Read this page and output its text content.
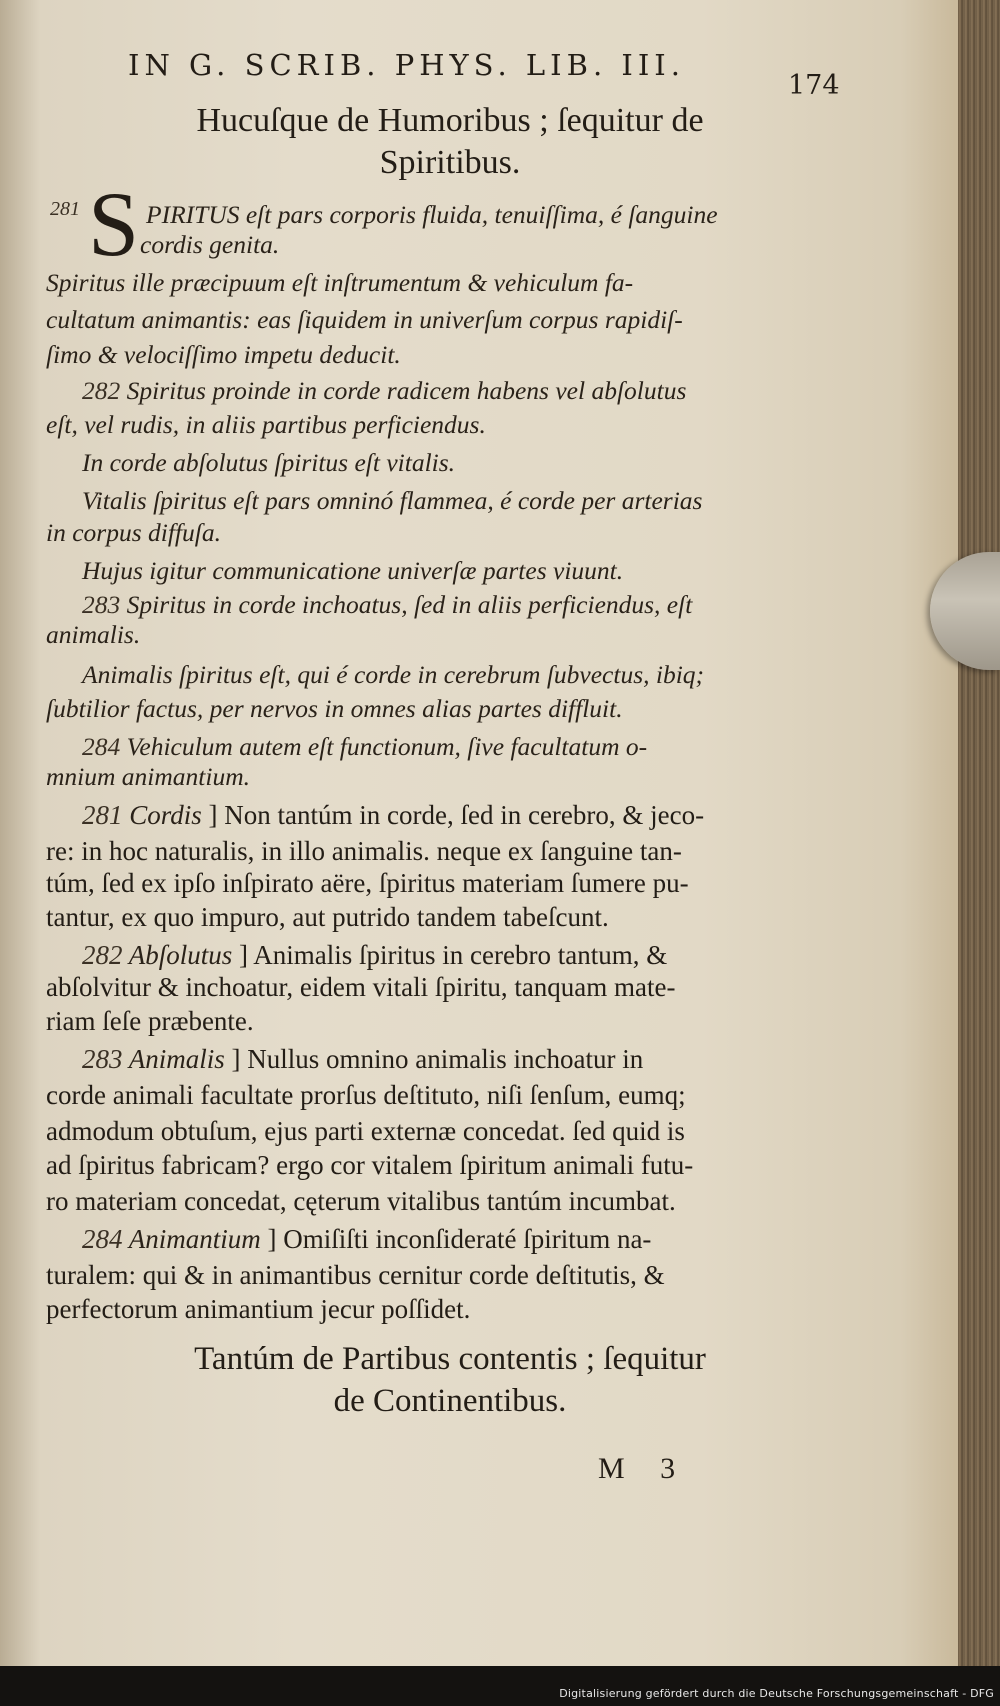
IN G. SCRIB. PHYS. LIB. III.
174
Hucuſque de Humoribus ; ſequitur de
Spiritibus.
S
281	PIRITUS eſt pars corporis fluida, tenuiſſima, é ſanguine
cordis genita.
Spiritus ille præcipuum eſt inſtrumentum & vehiculum fa-
cultatum animantis: eas ſiquidem in univerſum corpus rapidiſ-
ſimo & velociſſimo impetu deducit.
282 Spiritus proinde in corde radicem habens vel abſolutus
eſt, vel rudis, in aliis partibus perficiendus.
In corde abſolutus ſpiritus eſt vitalis.
Vitalis ſpiritus eſt pars omninó flammea, é corde per arterias
in corpus diffuſa.
Hujus igitur communicatione univerſæ partes viuunt.
283 Spiritus in corde inchoatus, ſed in aliis perficiendus, eſt
animalis.
Animalis ſpiritus eſt, qui é corde in cerebrum ſubvectus, ibiq;
ſubtilior factus, per nervos in omnes alias partes diffluit.
284 Vehiculum autem eſt functionum, ſive facultatum o-
mnium animantium.
281 Cordis ] Non tantúm in corde, ſed in cerebro, & jeco-
re: in hoc naturalis, in illo animalis. neque ex ſanguine tan-
túm, ſed ex ipſo inſpirato aëre, ſpiritus materiam ſumere pu-
tantur, ex quo impuro, aut putrido tandem tabeſcunt.
282 Abſolutus ] Animalis ſpiritus in cerebro tantum, &
abſolvitur & inchoatur, eidem vitali ſpiritu, tanquam mate-
riam ſeſe præbente.
283 Animalis ] Nullus omnino animalis inchoatur in
corde animali facultate prorſus deſtituto, niſi ſenſum, eumq;
admodum obtuſum, ejus parti externæ concedat. ſed quid is
ad ſpiritus fabricam? ergo cor vitalem ſpiritum animali futu-
ro materiam concedat, cęterum vitalibus tantúm incumbat.
284 Animantium ] Omiſiſti inconſideraté ſpiritum na-
turalem: qui & in animantibus cernitur corde deſtitutis, &
perfectorum animantium jecur poſſidet.
Tantúm de Partibus contentis ; ſequitur
de Continentibus.
M 3
Digitalisierung gefördert durch die Deutsche Forschungsgemeinschaft - DFG
